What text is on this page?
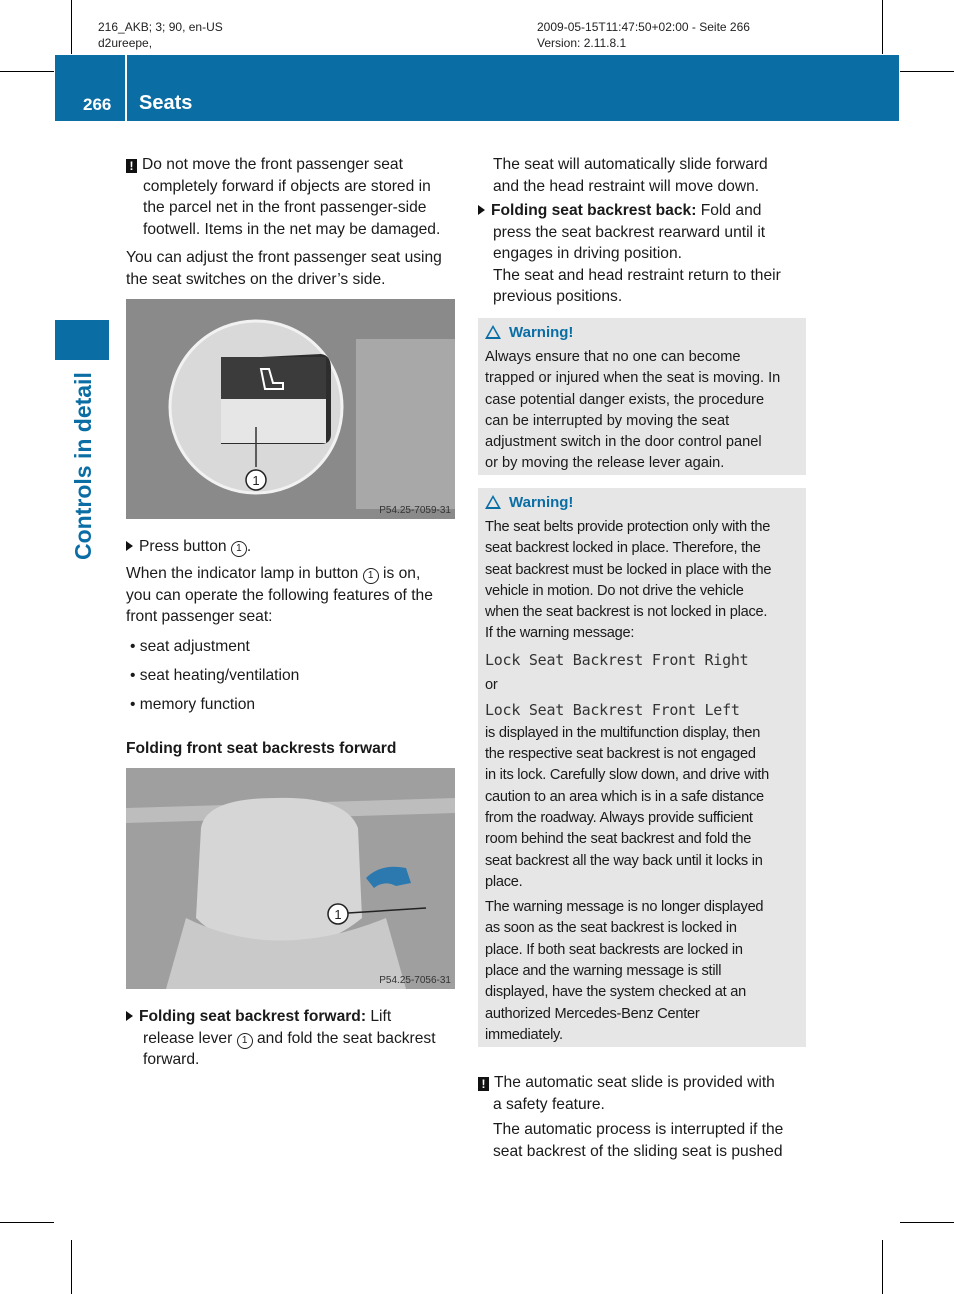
216_AKB; 3; 90, en-US
d2ureepe,
2009-05-15T11:47:50+02:00 - Seite 266
Version: 2.11.8.1
266 Seats
Controls in detail
! Do not move the front passenger seat
completely forward if objects are stored in
the parcel net in the front passenger-side
footwell. Items in the net may be damaged.
You can adjust the front passenger seat using
the seat switches on the driver’s side.
1
P54.25-7059-31
Press button 1 .
When the indicator lamp in button 1 is on,
you can operate the following features of the
front passenger seat:
• seat adjustment
• seat heating/ventilation
• memory function
Folding front seat backrests forward
1
P54.25-7056-31
Folding seat backrest forward: Lift
release lever 1 and fold the seat backrest
forward.
The seat will automatically slide forward
and the head restraint will move down.
Folding seat backrest back: Fold and
press the seat backrest rearward until it
engages in driving position.
The seat and head restraint return to their
previous positions.
Warning!
Always ensure that no one can become
trapped or injured when the seat is moving. In
case potential danger exists, the procedure
can be interrupted by moving the seat
adjustment switch in the door control panel
or by moving the release lever again.
Warning!
The seat belts provide protection only with the
seat backrest locked in place. Therefore, the
seat backrest must be locked in place with the
vehicle in motion. Do not drive the vehicle
when the seat backrest is not locked in place.
If the warning message:
Lock Seat Backrest Front Right
or
Lock Seat Backrest Front Left
is displayed in the multifunction display, then
the respective seat backrest is not engaged
in its lock. Carefully slow down, and drive with
caution to an area which is in a safe distance
from the roadway. Always provide sufficient
room behind the seat backrest and fold the
seat backrest all the way back until it locks in
place.
The warning message is no longer displayed
as soon as the seat backrest is locked in
place. If both seat backrests are locked in
place and the warning message is still
displayed, have the system checked at an
authorized Mercedes-Benz Center
immediately.
! The automatic seat slide is provided with
a safety feature.
The automatic process is interrupted if the
seat backrest of the sliding seat is pushed
